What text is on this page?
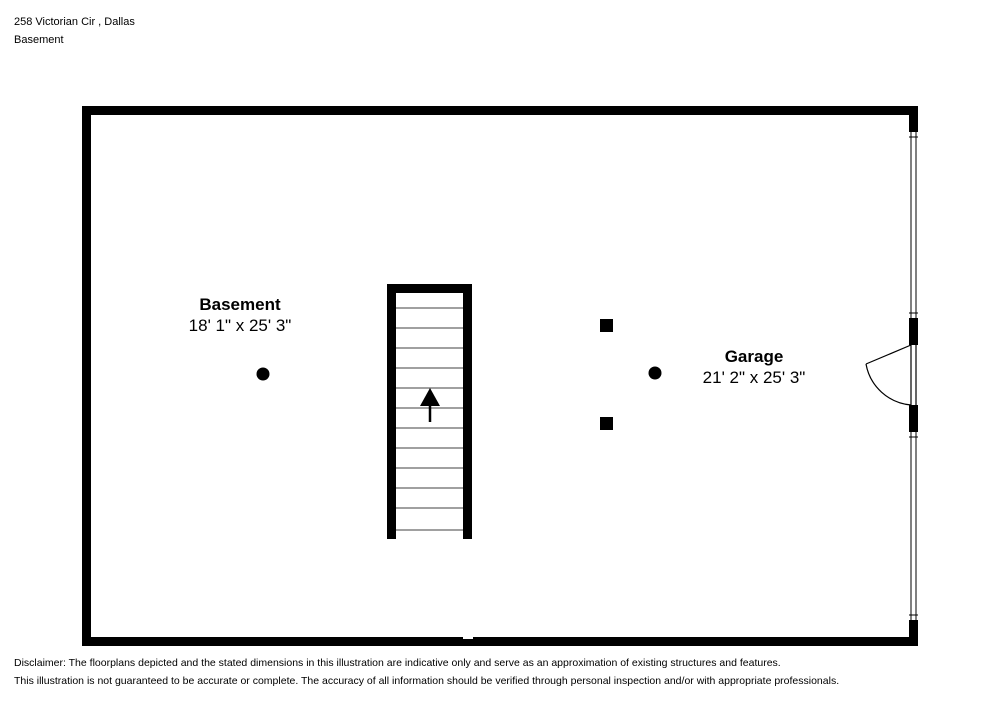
258 Victorian Cir , Dallas
Basement
Basement
18' 1" x 25' 3"
Garage
21' 2" x 25' 3"
Disclaimer: The floorplans depicted and the stated dimensions in this illustration are indicative only and serve as an approximation of existing structures and features.
This illustration is not guaranteed to be accurate or complete. The accuracy of all information should be verified through personal inspection and/or with appropriate professionals.
